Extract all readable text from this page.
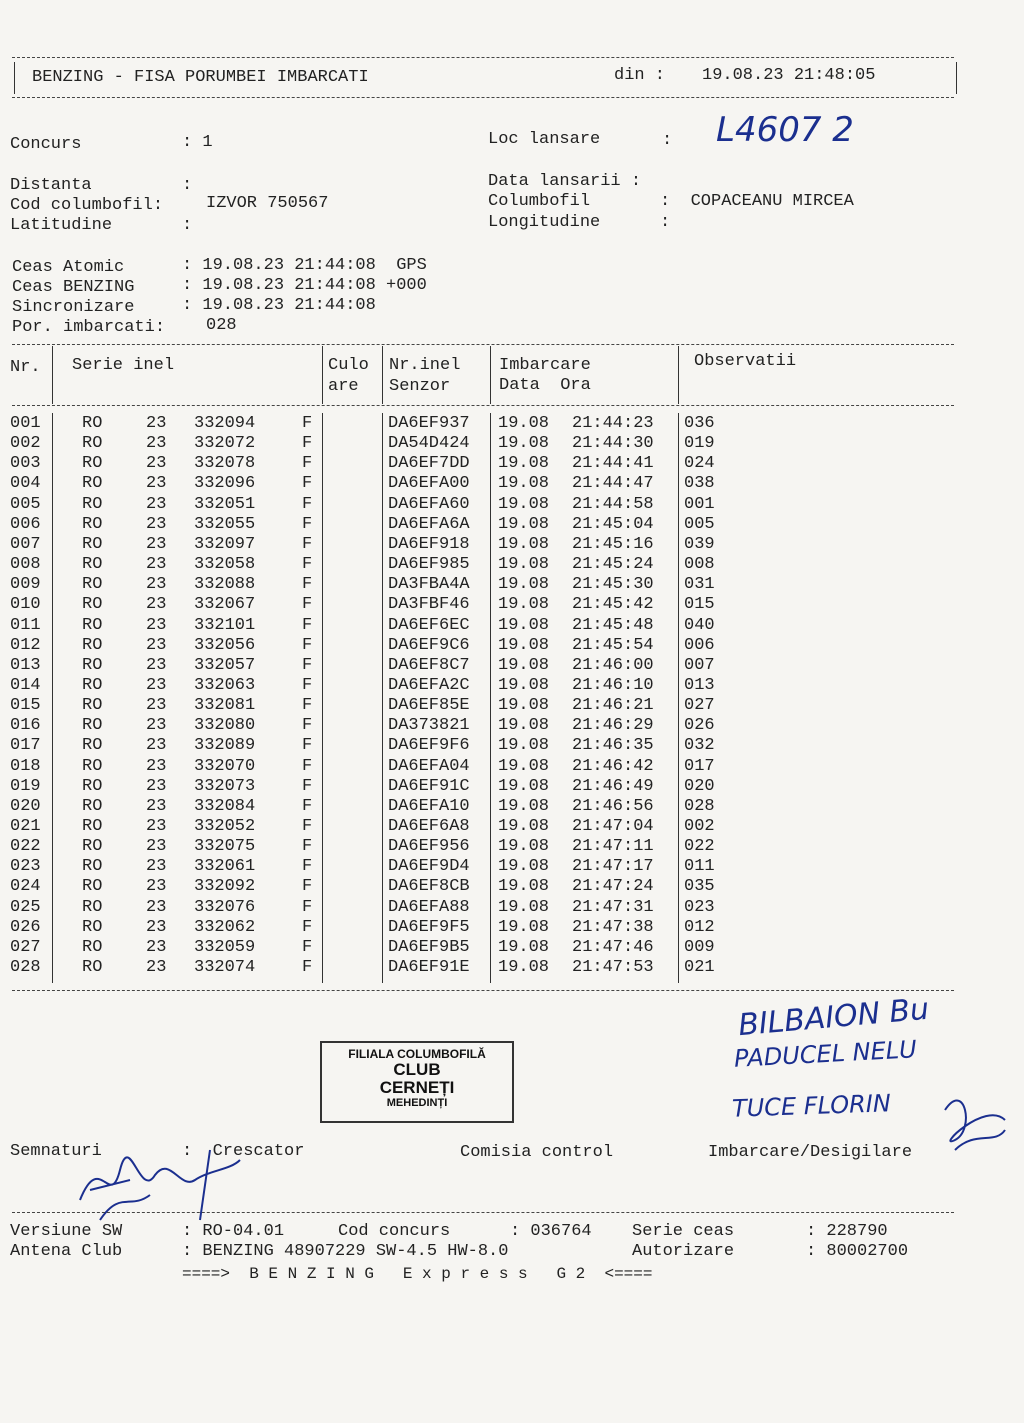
BENZING - FISA PORUMBEI IMBARCATI	din : 19.08.23 21:48:05
Concurs	: 1	Loc lansare	: L4607 2
Distanta	:
Cod columbofil:	IZVOR 750567
Latitudine	:
Data lansarii :
Columbofil	:  COPACEANU MIRCEA
Longitudine	:
Ceas Atomic	: 19.08.23 21:44:08  GPS
Ceas BENZING	: 19.08.23 21:44:08 +000
Sincronizare	: 19.08.23 21:44:08
Por. imbarcati: 028
Nr. Serie inel	Culo
are
Nr.inel
Senzor
Imbarcare
Data  Ora
Observatii
001 RO	23 332094	F	DA6EF937 19.08 21:44:23 036
002 RO	23 332072	F	DA54D424 19.08 21:44:30 019
003 RO	23 332078	F	DA6EF7DD 19.08 21:44:41 024
004 RO	23 332096	F	DA6EFA00 19.08 21:44:47 038
005 RO	23 332051	F	DA6EFA60 19.08 21:44:58 001
006 RO	23 332055	F	DA6EFA6A 19.08 21:45:04 005
007 RO	23 332097	F	DA6EF918 19.08 21:45:16 039
008 RO	23 332058	F	DA6EF985 19.08 21:45:24 008
009 RO	23 332088	F	DA3FBA4A 19.08 21:45:30 031
010 RO	23 332067	F	DA3FBF46 19.08 21:45:42 015
011 RO	23 332101	F	DA6EF6EC 19.08 21:45:48 040
012 RO	23 332056	F	DA6EF9C6 19.08 21:45:54 006
013 RO	23 332057	F	DA6EF8C7 19.08 21:46:00 007
014 RO	23 332063	F	DA6EFA2C 19.08 21:46:10 013
015 RO	23 332081	F	DA6EF85E 19.08 21:46:21 027
016 RO	23 332080	F	DA373821 19.08 21:46:29 026
017 RO	23 332089	F	DA6EF9F6 19.08 21:46:35 032
018 RO	23 332070	F	DA6EFA04 19.08 21:46:42 017
019 RO	23 332073	F	DA6EF91C 19.08 21:46:49 020
020 RO	23 332084	F	DA6EFA10 19.08 21:46:56 028
021 RO	23 332052	F	DA6EF6A8 19.08 21:47:04 002
022 RO	23 332075	F	DA6EF956 19.08 21:47:11 022
023 RO	23 332061	F	DA6EF9D4 19.08 21:47:17 011
024 RO	23 332092	F	DA6EF8CB 19.08 21:47:24 035
025 RO	23 332076	F	DA6EFA88 19.08 21:47:31 023
026 RO	23 332062	F	DA6EF9F5 19.08 21:47:38 012
027 RO	23 332059	F	DA6EF9B5 19.08 21:47:46 009
028 RO	23 332074	F	DA6EF91E 19.08 21:47:53 021
BILBAION Bu
PADUCEL NELU
TUCE FLORIN
FILIALA COLUMBOFILĂ
CLUB
CERNEȚI
MEHEDINȚI
Semnaturi	:  Crescator	Comisia control	Imbarcare/Desigilare
Versiune SW	: RO-04.01	Cod concurs	: 036764 Serie ceas	: 228790
Antena Club	: BENZING 48907229 SW-4.5 HW-8.0	Autorizare	: 80002700
====>  B E N Z I N G   E x p r e s s   G 2  <====
